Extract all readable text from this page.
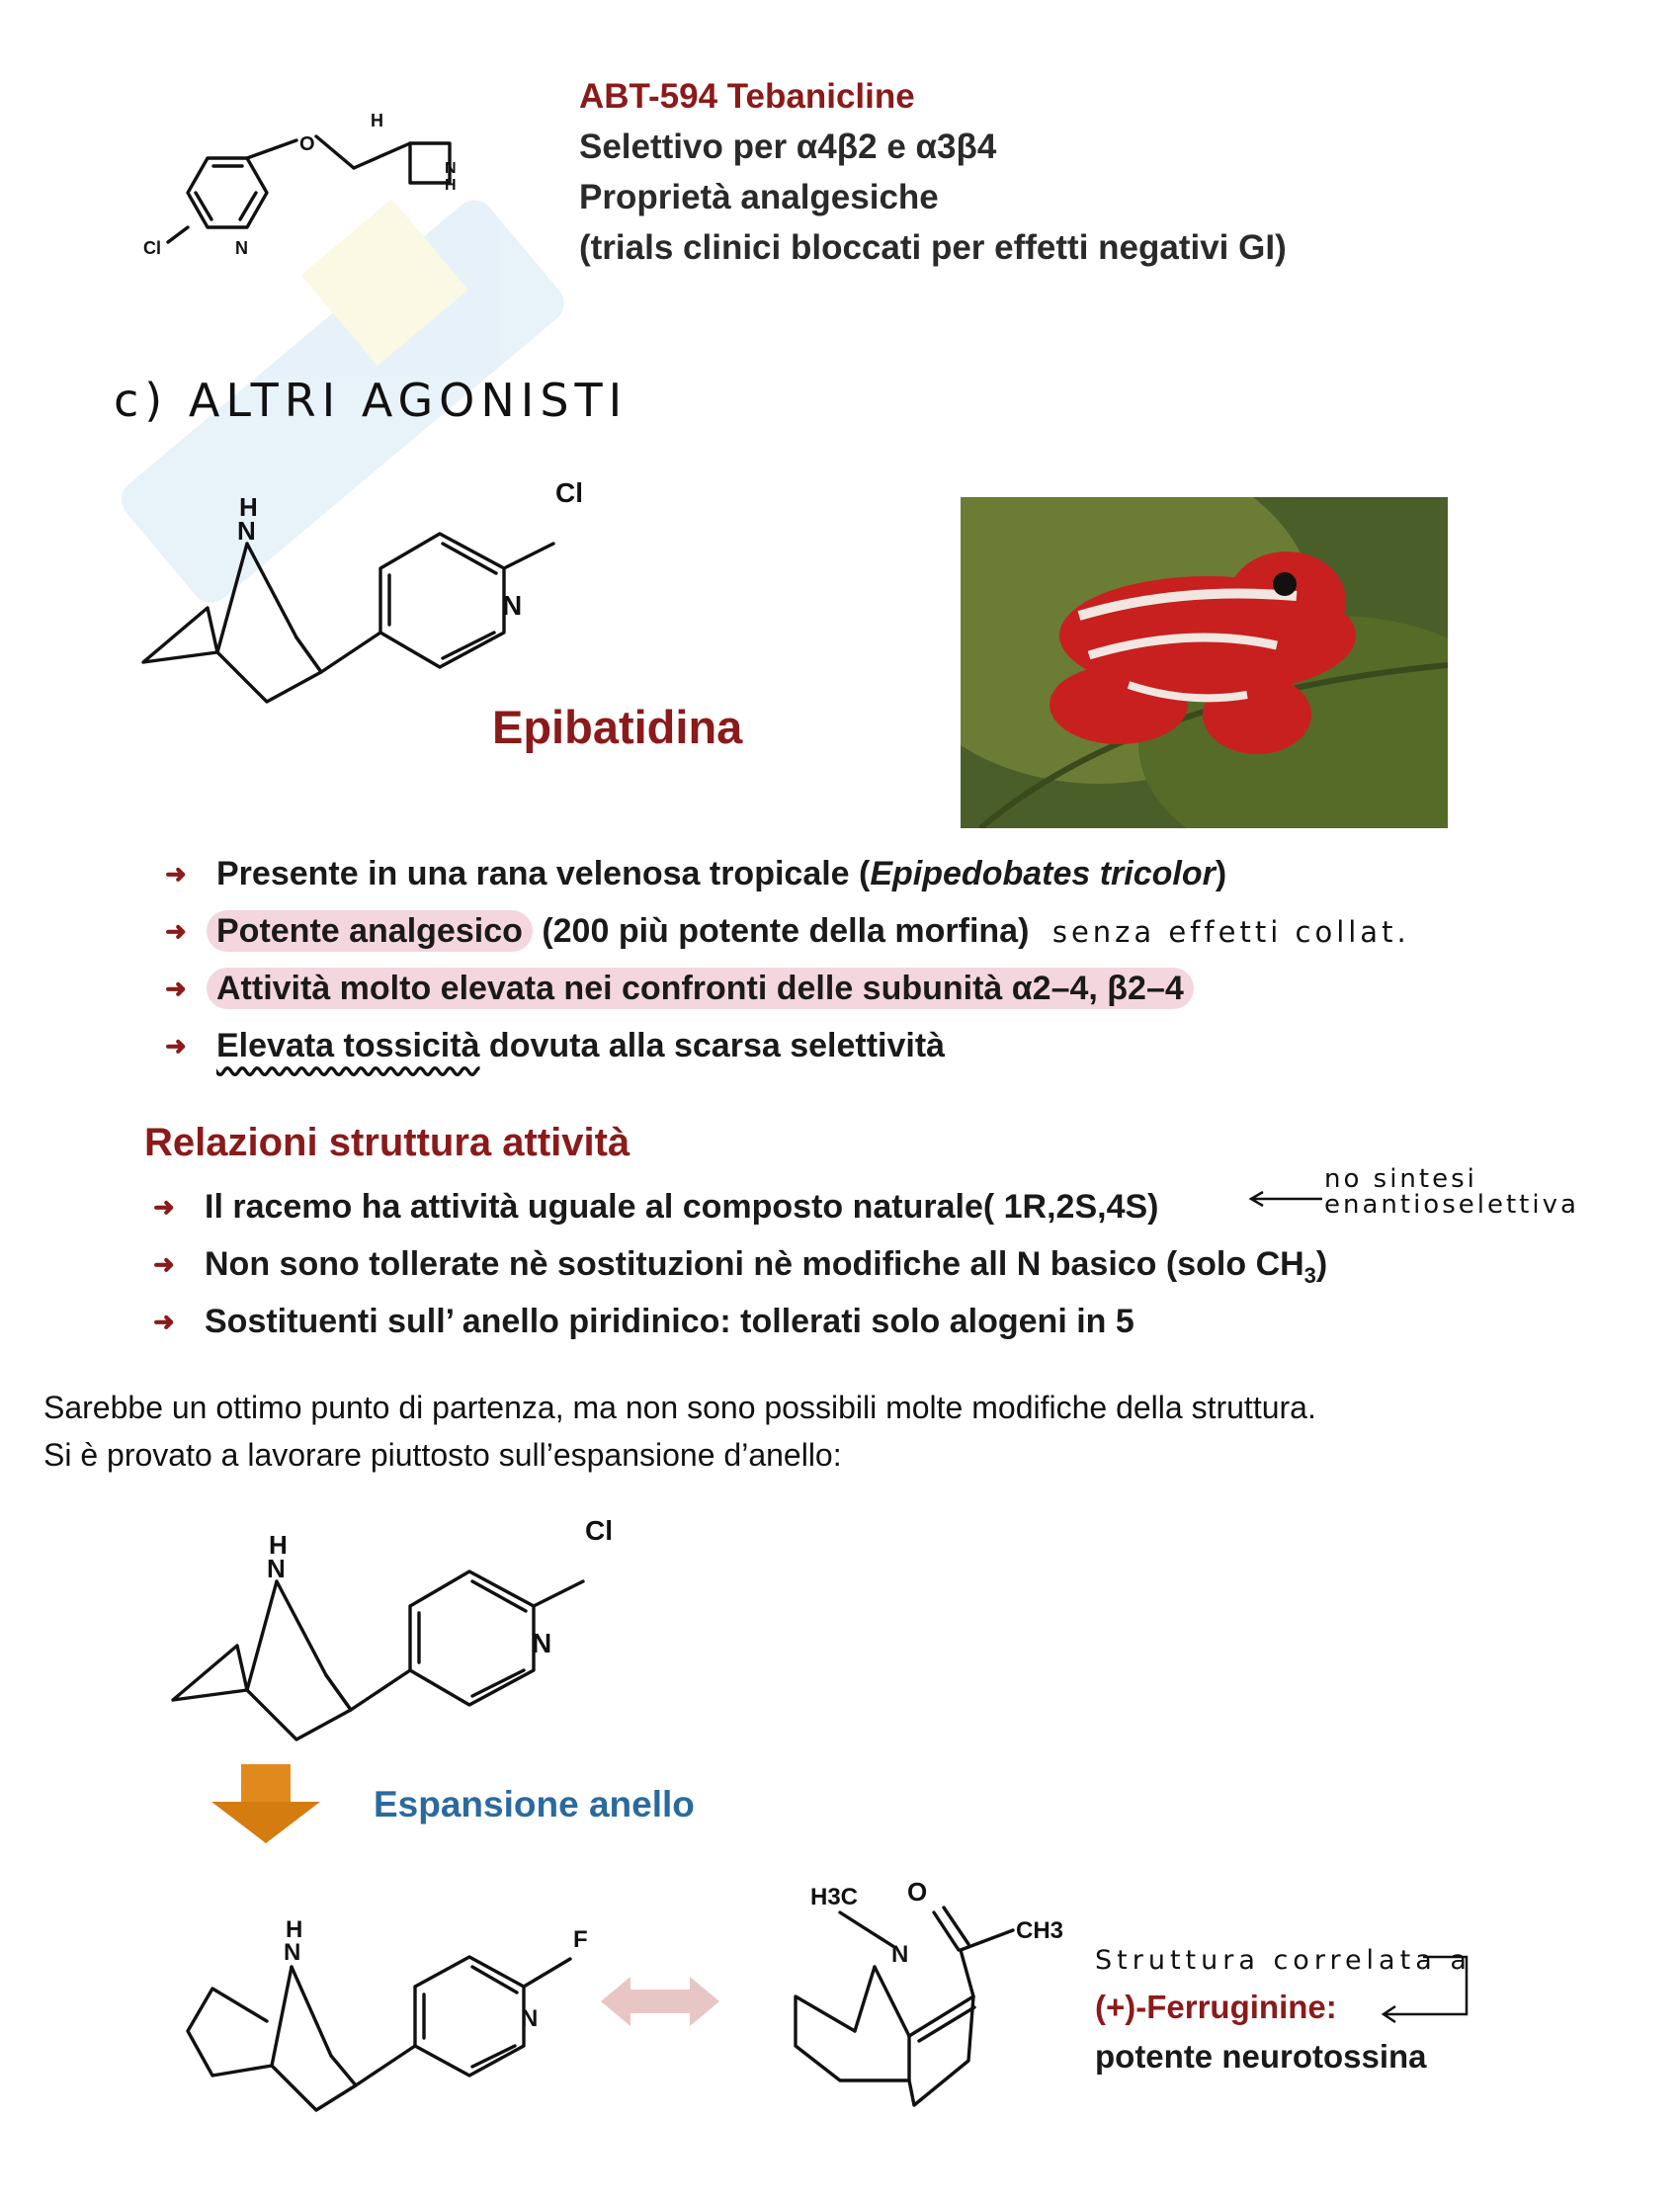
Cl	N
O
H
N
H
ABT-594 Tebanicline
Selettivo per α4β2 e α3β4
Proprietà analgesiche
(trials clinici bloccati per effetti negativi GI)
c) ALTRI AGONISTI
H
N
Cl
N
Epibatidina
➜ Presente in una rana velenosa tropicale (Epipedobates tricolor)
➜ Potente analgesico (200 più potente della morfina) senza effetti collat.
➜ Attività molto elevata nei confronti delle subunità α2–4, β2–4
➜ Elevata tossicità dovuta alla scarsa selettività
Relazioni struttura attività
➜ Il racemo ha attività uguale al composto naturale( 1R,2S,4S)
➜ Non sono tollerate nè sostituzioni nè modifiche all N basico (solo $CH_3$)
➜ Sostituenti sull’ anello piridinico: tollerati solo alogeni in 5
no sintesi
enantioselettiva
Sarebbe un ottimo punto di partenza, ma non sono possibili molte modifiche della struttura.
Si è provato a lavorare piuttosto sull’espansione d’anello:
H
N
Cl
N
Espansione anello
H
N	F
N
H3C
N
O
CH3
Struttura correlata a
(+)-Ferruginine:
potente neurotossina
